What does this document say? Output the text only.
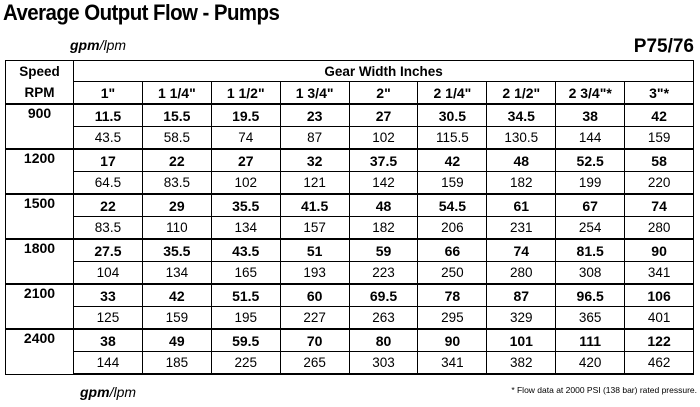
Average Output Flow - Pumps
gpm/lpm	P75/76
Speed
RPM	Gear Width Inches								
	1"	1 1/4"	1 1/2"	1 3/4"	2"	2 1/4"	2 1/2"	2 3/4"*	3"*
900	11.5	15.5	19.5	23	27	30.5	34.5	38	42
	43.5	58.5	74	87	102	115.5	130.5	144	159
1200	17	22	27	32	37.5	42	48	52.5	58
	64.5	83.5	102	121	142	159	182	199	220
1500	22	29	35.5	41.5	48	54.5	61	67	74
	83.5	110	134	157	182	206	231	254	280
1800	27.5	35.5	43.5	51	59	66	74	81.5	90
	104	134	165	193	223	250	280	308	341
2100	33	42	51.5	60	69.5	78	87	96.5	106
	125	159	195	227	263	295	329	365	401
2400	38	49	59.5	70	80	90	101	111	122
	144	185	225	265	303	341	382	420	462
gpm/lpm	* Flow data at 2000 PSI (138 bar) rated pressure.
